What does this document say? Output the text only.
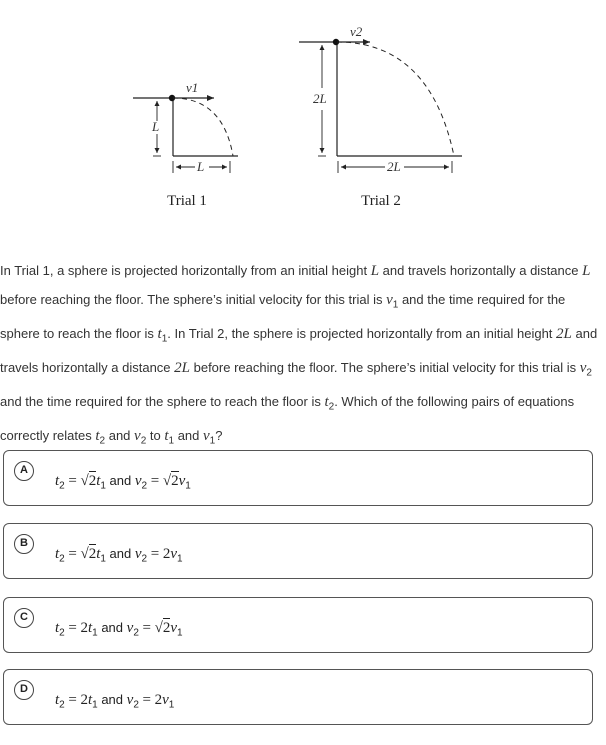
v1
L
L
v2
2L
2L
Trial 1	Trial 2
In Trial 1, a sphere is projected horizontally from an initial height L and travels horizontally a distance L before reaching the floor. The sphere’s initial velocity for this trial is $v_1$ and the time required for the sphere to reach the floor is $t_1$. In Trial 2, the sphere is projected horizontally from an initial height 2L and travels horizontally a distance 2L before reaching the floor. The sphere’s initial velocity for this trial is $v_2$ and the time required for the sphere to reach the floor is $t_2$. Which of the following pairs of equations correctly relates $t_2$ and $v_2$ to $t_1$ and $v_1$?
A
$t_2 = √2t_1$ and $v_2 = √2v_1$
B
$t_2 = √2t_1$ and $v_2 = 2v_1$
C
$t_2 = 2t_1$ and $v_2 = √2v_1$
D
$t_2 = 2t_1$ and $v_2 = 2v_1$
